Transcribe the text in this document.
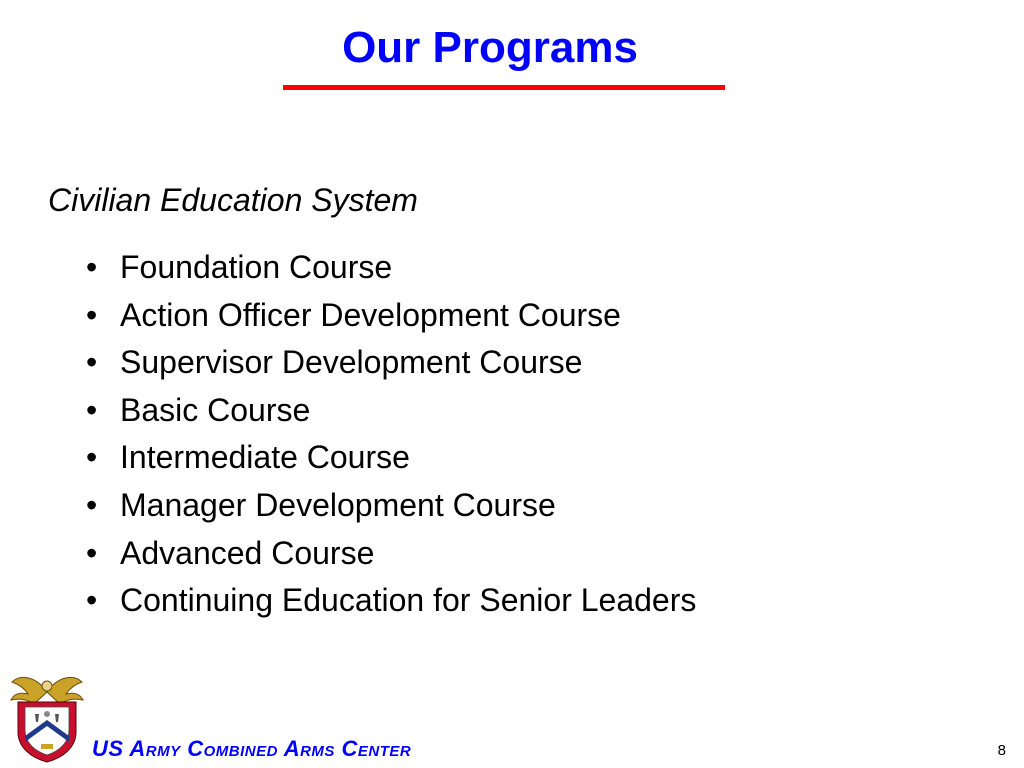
Our Programs
Civilian Education System
• Foundation Course
• Action Officer Development Course
• Supervisor Development Course
• Basic Course
• Intermediate Course
• Manager Development Course
• Advanced Course
• Continuing Education for Senior Leaders
US Army Combined Arms Center	8
